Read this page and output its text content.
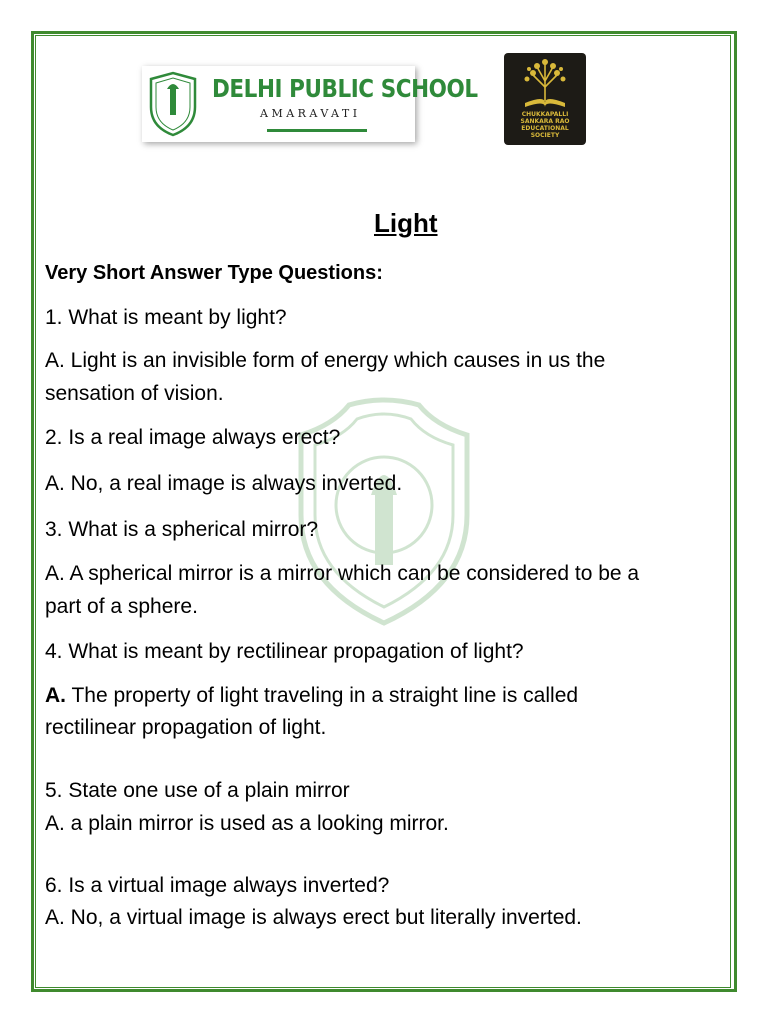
DELHI PUBLIC SCHOOL
AMARAVATI	CHUKKAPALLI
SANKARA RAO
EDUCATIONAL
SOCIETY
Light
Very Short Answer Type Questions:
1. What is meant by light?
A. Light is an invisible form of energy which causes in us the
sensation of vision.
2. Is a real image always erect?
A. No, a real image is always inverted.
3. What is a spherical mirror?
A. A spherical mirror is a mirror which can be considered to be a
part of a sphere.
4. What is meant by rectilinear propagation of light?
A. The property of light traveling in a straight line is called
rectilinear propagation of light.
5. State one use of a plain mirror
A. a plain mirror is used as a looking mirror.
6. Is a virtual image always inverted?
A. No, a virtual image is always erect but literally inverted.
